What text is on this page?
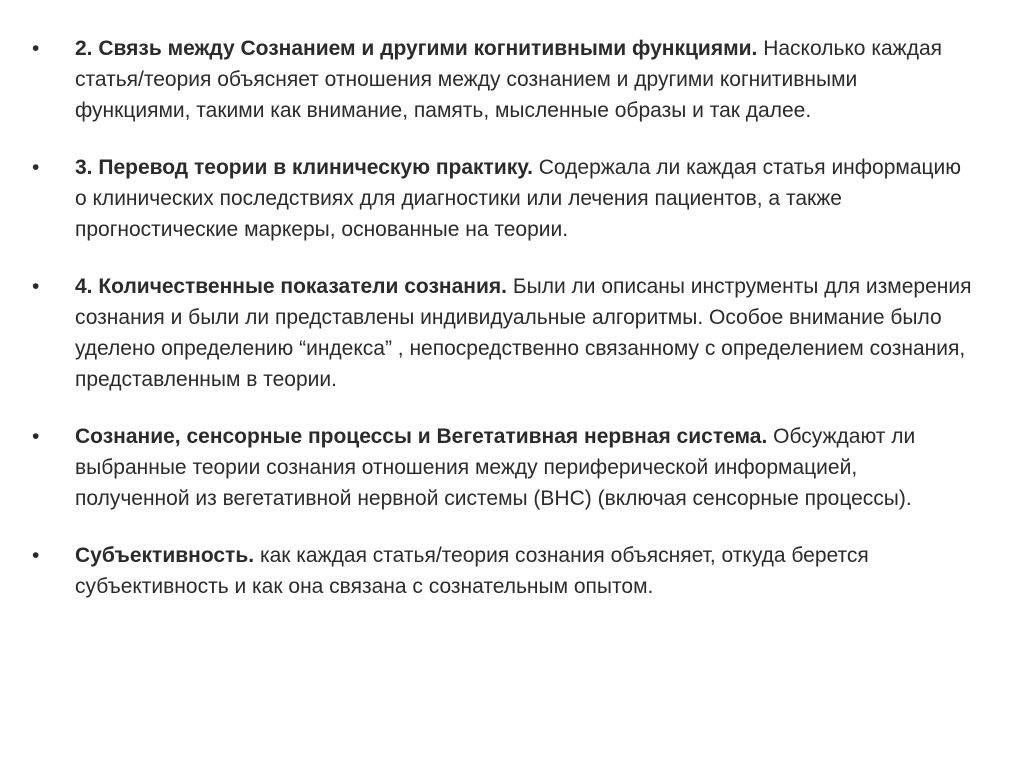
•	2. Связь между Сознанием и другими когнитивными функциями. Насколько каждая статья/теория объясняет отношения между сознанием и другими когнитивными функциями, такими как внимание, память, мысленные образы и так далее.
•	3. Перевод теории в клиническую практику. Содержала ли каждая статья информацию о клинических последствиях для диагностики или лечения пациентов, а также прогностические маркеры, основанные на теории.
•	4. Количественные показатели сознания. Были ли описаны инструменты для измерения сознания и были ли представлены индивидуальные алгоритмы. Особое внимание было уделено определению “индекса” , непосредственно связанному с определением сознания, представленным в теории.
•	Сознание, сенсорные процессы и Вегетативная нервная система. Обсуждают ли выбранные теории сознания отношения между периферической информацией, полученной из вегетативной нервной системы (ВНС) (включая сенсорные процессы).
•	Субъективность. как каждая статья/теория сознания объясняет, откуда берется субъективность и как она связана с сознательным опытом.
